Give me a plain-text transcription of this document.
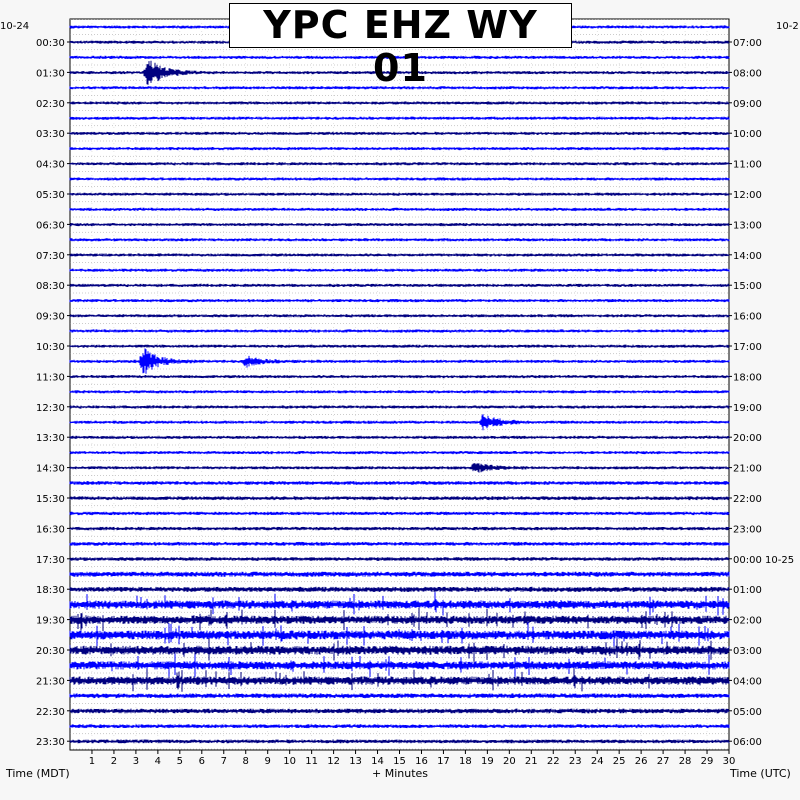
00:30
01:30
02:30
03:30
04:30
05:30
06:30
07:30
08:30
09:30
10:30
11:30
12:30
13:30
14:30
15:30
16:30
17:30
18:30
19:30
20:30
21:30
22:30
23:30
07:00
08:00
09:00
10:00
11:00
12:00
13:00
14:00
15:00
16:00
17:00
18:00
19:00
20:00
21:00
22:00
23:00
00:00 10-25
01:00
02:00
03:00
04:00
05:00
06:00
1 2 3 4 5 6 7 8 9 10 11 12 13 14 15 16 17 18 19 20 21 22 23 24 25 26 27 28 29 30
YPC EHZ WY 01
10-24	10-2
Time (MDT)	+ Minutes	Time (UTC)
